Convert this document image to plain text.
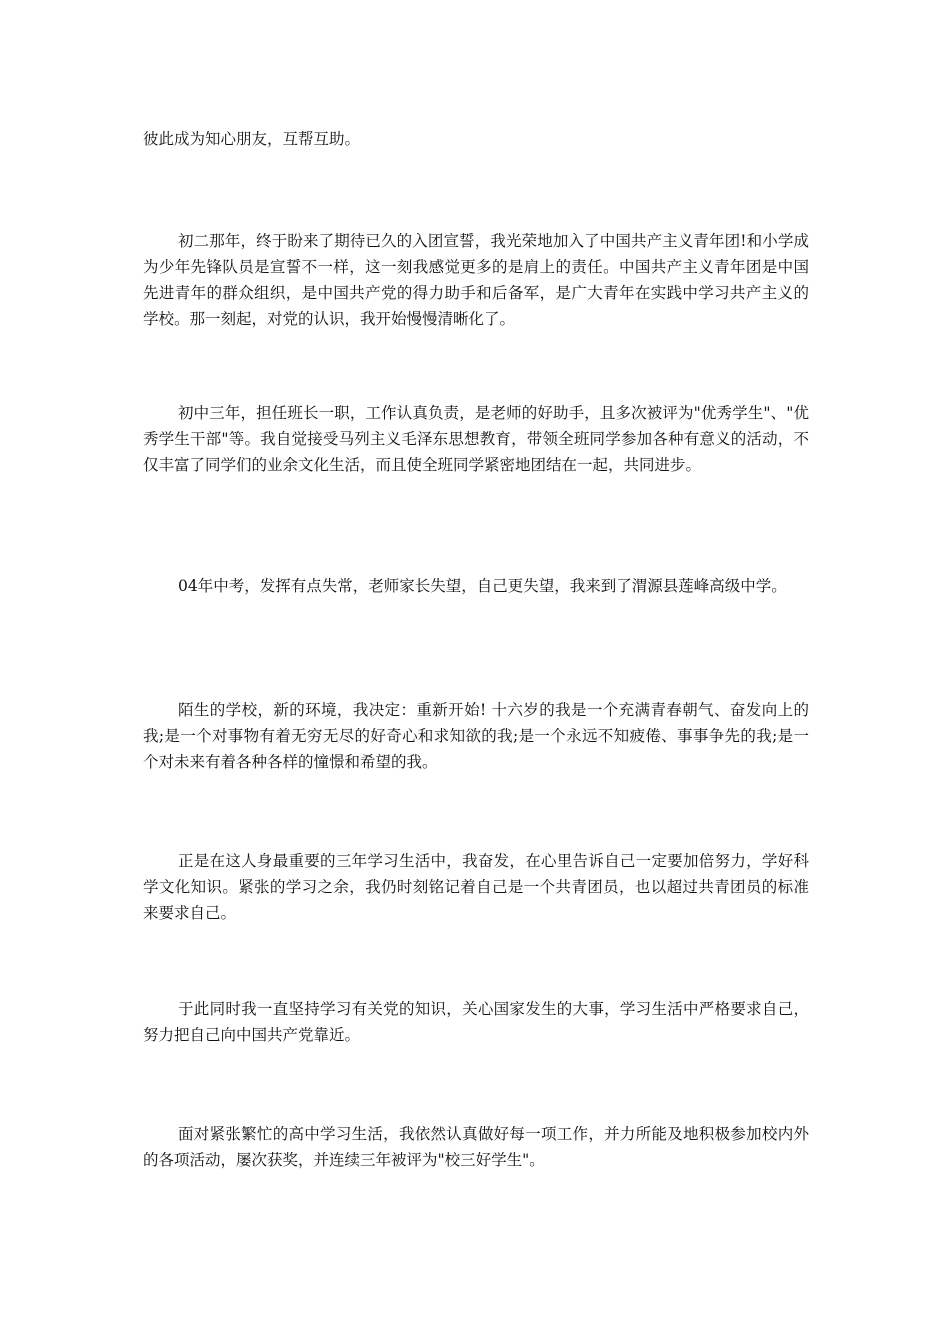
彼此成为知心朋友，互帮互助。

初二那年，终于盼来了期待已久的入团宣誓，我光荣地加入了中国共产主义青年团!和小学成为少年先锋队员是宣誓不一样，这一刻我感觉更多的是肩上的责任。中国共产主义青年团是中国先进青年的群众组织，是中国共产党的得力助手和后备军，是广大青年在实践中学习共产主义的学校。那一刻起，对党的认识，我开始慢慢清晰化了。

初中三年，担任班长一职，工作认真负责，是老师的好助手，且多次被评为"优秀学生"、"优秀学生干部"等。我自觉接受马列主义毛泽东思想教育，带领全班同学参加各种有意义的活动，不仅丰富了同学们的业余文化生活，而且使全班同学紧密地团结在一起，共同进步。

04年中考，发挥有点失常，老师家长失望，自己更失望，我来到了渭源县莲峰高级中学。

陌生的学校，新的环境，我决定：重新开始! 十六岁的我是一个充满青春朝气、奋发向上的我;是一个对事物有着无穷无尽的好奇心和求知欲的我;是一个永远不知疲倦、事事争先的我;是一个对未来有着各种各样的憧憬和希望的我。

正是在这人身最重要的三年学习生活中，我奋发，在心里告诉自己一定要加倍努力，学好科学文化知识。紧张的学习之余，我仍时刻铭记着自己是一个共青团员，也以超过共青团员的标准来要求自己。

于此同时我一直坚持学习有关党的知识，关心国家发生的大事，学习生活中严格要求自己，努力把自己向中国共产党靠近。

面对紧张繁忙的高中学习生活，我依然认真做好每一项工作，并力所能及地积极参加校内外的各项活动，屡次获奖，并连续三年被评为"校三好学生"。
